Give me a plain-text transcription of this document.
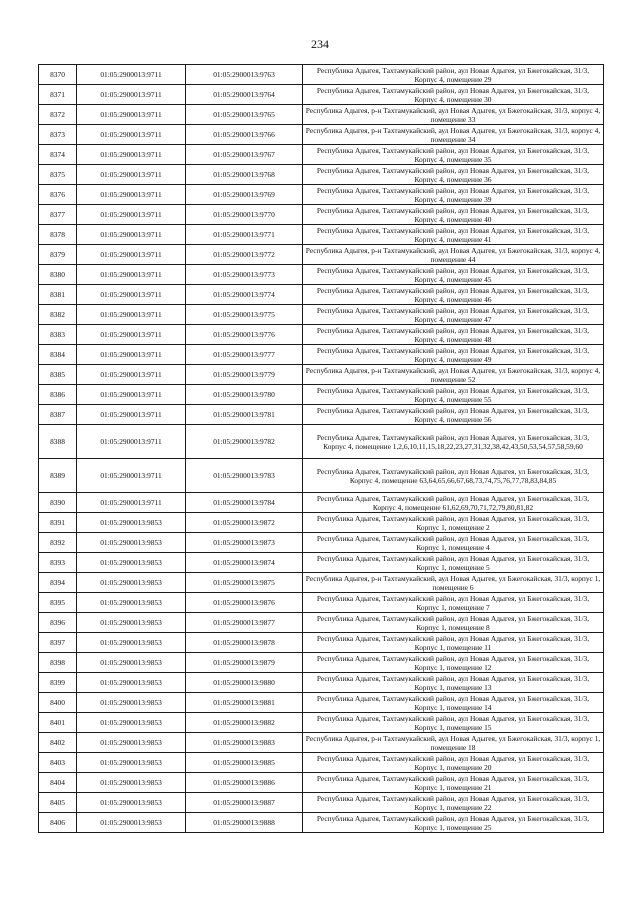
234
8370	01:05:2900013:9711	01:05:2900013:9763	Республика Адыгея, Тахтамукайский район, аул Новая Адыгея, ул Бжегокайская, 31/3, Корпус 4, помещение 29
8371	01:05:2900013:9711	01:05:2900013:9764	Республика Адыгея, Тахтамукайский район, аул Новая Адыгея, ул Бжегокайская, 31/3, Корпус 4, помещение 30
8372	01:05:2900013:9711	01:05:2900013:9765	Республика Адыгея, р-н Тахтамукайский, аул Новая Адыгея, ул Бжегокайская, 31/3, корпус 4, помещение 33
8373	01:05:2900013:9711	01:05:2900013:9766	Республика Адыгея, р-н Тахтамукайский, аул Новая Адыгея, ул Бжегокайская, 31/3, корпус 4, помещение 34
8374	01:05:2900013:9711	01:05:2900013:9767	Республика Адыгея, Тахтамукайский район, аул Новая Адыгея, ул Бжегокайская, 31/3, Корпус 4, помещение 35
8375	01:05:2900013:9711	01:05:2900013:9768	Республика Адыгея, Тахтамукайский район, аул Новая Адыгея, ул Бжегокайская, 31/3, Корпус 4, помещение 36
8376	01:05:2900013:9711	01:05:2900013:9769	Республика Адыгея, Тахтамукайский район, аул Новая Адыгея, ул Бжегокайская, 31/3, Корпус 4, помещение 39
8377	01:05:2900013:9711	01:05:2900013:9770	Республика Адыгея, Тахтамукайский район, аул Новая Адыгея, ул Бжегокайская, 31/3, Корпус 4, помещение 40
8378	01:05:2900013:9711	01:05:2900013:9771	Республика Адыгея, Тахтамукайский район, аул Новая Адыгея, ул Бжегокайская, 31/3, Корпус 4, помещение 41
8379	01:05:2900013:9711	01:05:2900013:9772	Республика Адыгея, р-н Тахтамукайский, аул Новая Адыгея, ул Бжегокайская, 31/3, корпус 4, помещение 44
8380	01:05:2900013:9711	01:05:2900013:9773	Республика Адыгея, Тахтамукайский район, аул Новая Адыгея, ул Бжегокайская, 31/3, Корпус 4, помещение 45
8381	01:05:2900013:9711	01:05:2900013:9774	Республика Адыгея, Тахтамукайский район, аул Новая Адыгея, ул Бжегокайская, 31/3, Корпус 4, помещение 46
8382	01:05:2900013:9711	01:05:2900013:9775	Республика Адыгея, Тахтамукайский район, аул Новая Адыгея, ул Бжегокайская, 31/3, Корпус 4, помещение 47
8383	01:05:2900013:9711	01:05:2900013:9776	Республика Адыгея, Тахтамукайский район, аул Новая Адыгея, ул Бжегокайская, 31/3, Корпус 4, помещение 48
8384	01:05:2900013:9711	01:05:2900013:9777	Республика Адыгея, Тахтамукайский район, аул Новая Адыгея, ул Бжегокайская, 31/3, Корпус 4, помещение 49
8385	01:05:2900013:9711	01:05:2900013:9779	Республика Адыгея, р-н Тахтамукайский, аул Новая Адыгея, ул Бжегокайская, 31/3, корпус 4, помещение 52
8386	01:05:2900013:9711	01:05:2900013:9780	Республика Адыгея, Тахтамукайский район, аул Новая Адыгея, ул Бжегокайская, 31/3, Корпус 4, помещение 55
8387	01:05:2900013:9711	01:05:2900013:9781	Республика Адыгея, Тахтамукайский район, аул Новая Адыгея, ул Бжегокайская, 31/3, Корпус 4, помещение 56
8388	01:05:2900013:9711	01:05:2900013:9782	Республика Адыгея, Тахтамукайский район, аул Новая Адыгея, ул Бжегокайская, 31/3, Корпус 4, помещение 1,2,6,10,11,15,18,22,23,27,31,32,38,42,43,50,53,54,57,58,59,60
8389	01:05:2900013:9711	01:05:2900013:9783	Республика Адыгея, Тахтамукайский район, аул Новая Адыгея, ул Бжегокайская, 31/3, Корпус 4, помещение 63,64,65,66,67,68,73,74,75,76,77,78,83,84,85
8390	01:05:2900013:9711	01:05:2900013:9784	Республика Адыгея, Тахтамукайский район, аул Новая Адыгея, ул Бжегокайская, 31/3, Корпус 4, помещение 61,62,69,70,71,72,79,80,81,82
8391	01:05:2900013:9853	01:05:2900013:9872	Республика Адыгея, Тахтамукайский район, аул Новая Адыгея, ул Бжегокайская, 31/3, Корпус 1, помещение 2
8392	01:05:2900013:9853	01:05:2900013:9873	Республика Адыгея, Тахтамукайский район, аул Новая Адыгея, ул Бжегокайская, 31/3, Корпус 1, помещение 4
8393	01:05:2900013:9853	01:05:2900013:9874	Республика Адыгея, Тахтамукайский район, аул Новая Адыгея, ул Бжегокайская, 31/3, Корпус 1, помещение 5
8394	01:05:2900013:9853	01:05:2900013:9875	Республика Адыгея, р-н Тахтамукайский, аул Новая Адыгея, ул Бжегокайская, 31/3, корпус 1, помещение 6
8395	01:05:2900013:9853	01:05:2900013:9876	Республика Адыгея, Тахтамукайский район, аул Новая Адыгея, ул Бжегокайская, 31/3, Корпус 1, помещение 7
8396	01:05:2900013:9853	01:05:2900013:9877	Республика Адыгея, Тахтамукайский район, аул Новая Адыгея, ул Бжегокайская, 31/3, Корпус 1, помещение 8
8397	01:05:2900013:9853	01:05:2900013:9878	Республика Адыгея, Тахтамукайский район, аул Новая Адыгея, ул Бжегокайская, 31/3, Корпус 1, помещение 11
8398	01:05:2900013:9853	01:05:2900013:9879	Республика Адыгея, Тахтамукайский район, аул Новая Адыгея, ул Бжегокайская, 31/3, Корпус 1, помещение 12
8399	01:05:2900013:9853	01:05:2900013:9880	Республика Адыгея, Тахтамукайский район, аул Новая Адыгея, ул Бжегокайская, 31/3, Корпус 1, помещение 13
8400	01:05:2900013:9853	01:05:2900013:9881	Республика Адыгея, Тахтамукайский район, аул Новая Адыгея, ул Бжегокайская, 31/3, Корпус 1, помещение 14
8401	01:05:2900013:9853	01:05:2900013:9882	Республика Адыгея, Тахтамукайский район, аул Новая Адыгея, ул Бжегокайская, 31/3, Корпус 1, помещение 15
8402	01:05:2900013:9853	01:05:2900013:9883	Республика Адыгея, р-н Тахтамукайский, аул Новая Адыгея, ул Бжегокайская, 31/3, корпус 1, помещение 18
8403	01:05:2900013:9853	01:05:2900013:9885	Республика Адыгея, Тахтамукайский район, аул Новая Адыгея, ул Бжегокайская, 31/3, Корпус 1, помещение 20
8404	01:05:2900013:9853	01:05:2900013:9886	Республика Адыгея, Тахтамукайский район, аул Новая Адыгея, ул Бжегокайская, 31/3, Корпус 1, помещение 21
8405	01:05:2900013:9853	01:05:2900013:9887	Республика Адыгея, Тахтамукайский район, аул Новая Адыгея, ул Бжегокайская, 31/3, Корпус 1, помещение 22
8406	01:05:2900013:9853	01:05:2900013:9888	Республика Адыгея, Тахтамукайский район, аул Новая Адыгея, ул Бжегокайская, 31/3, Корпус 1, помещение 25
